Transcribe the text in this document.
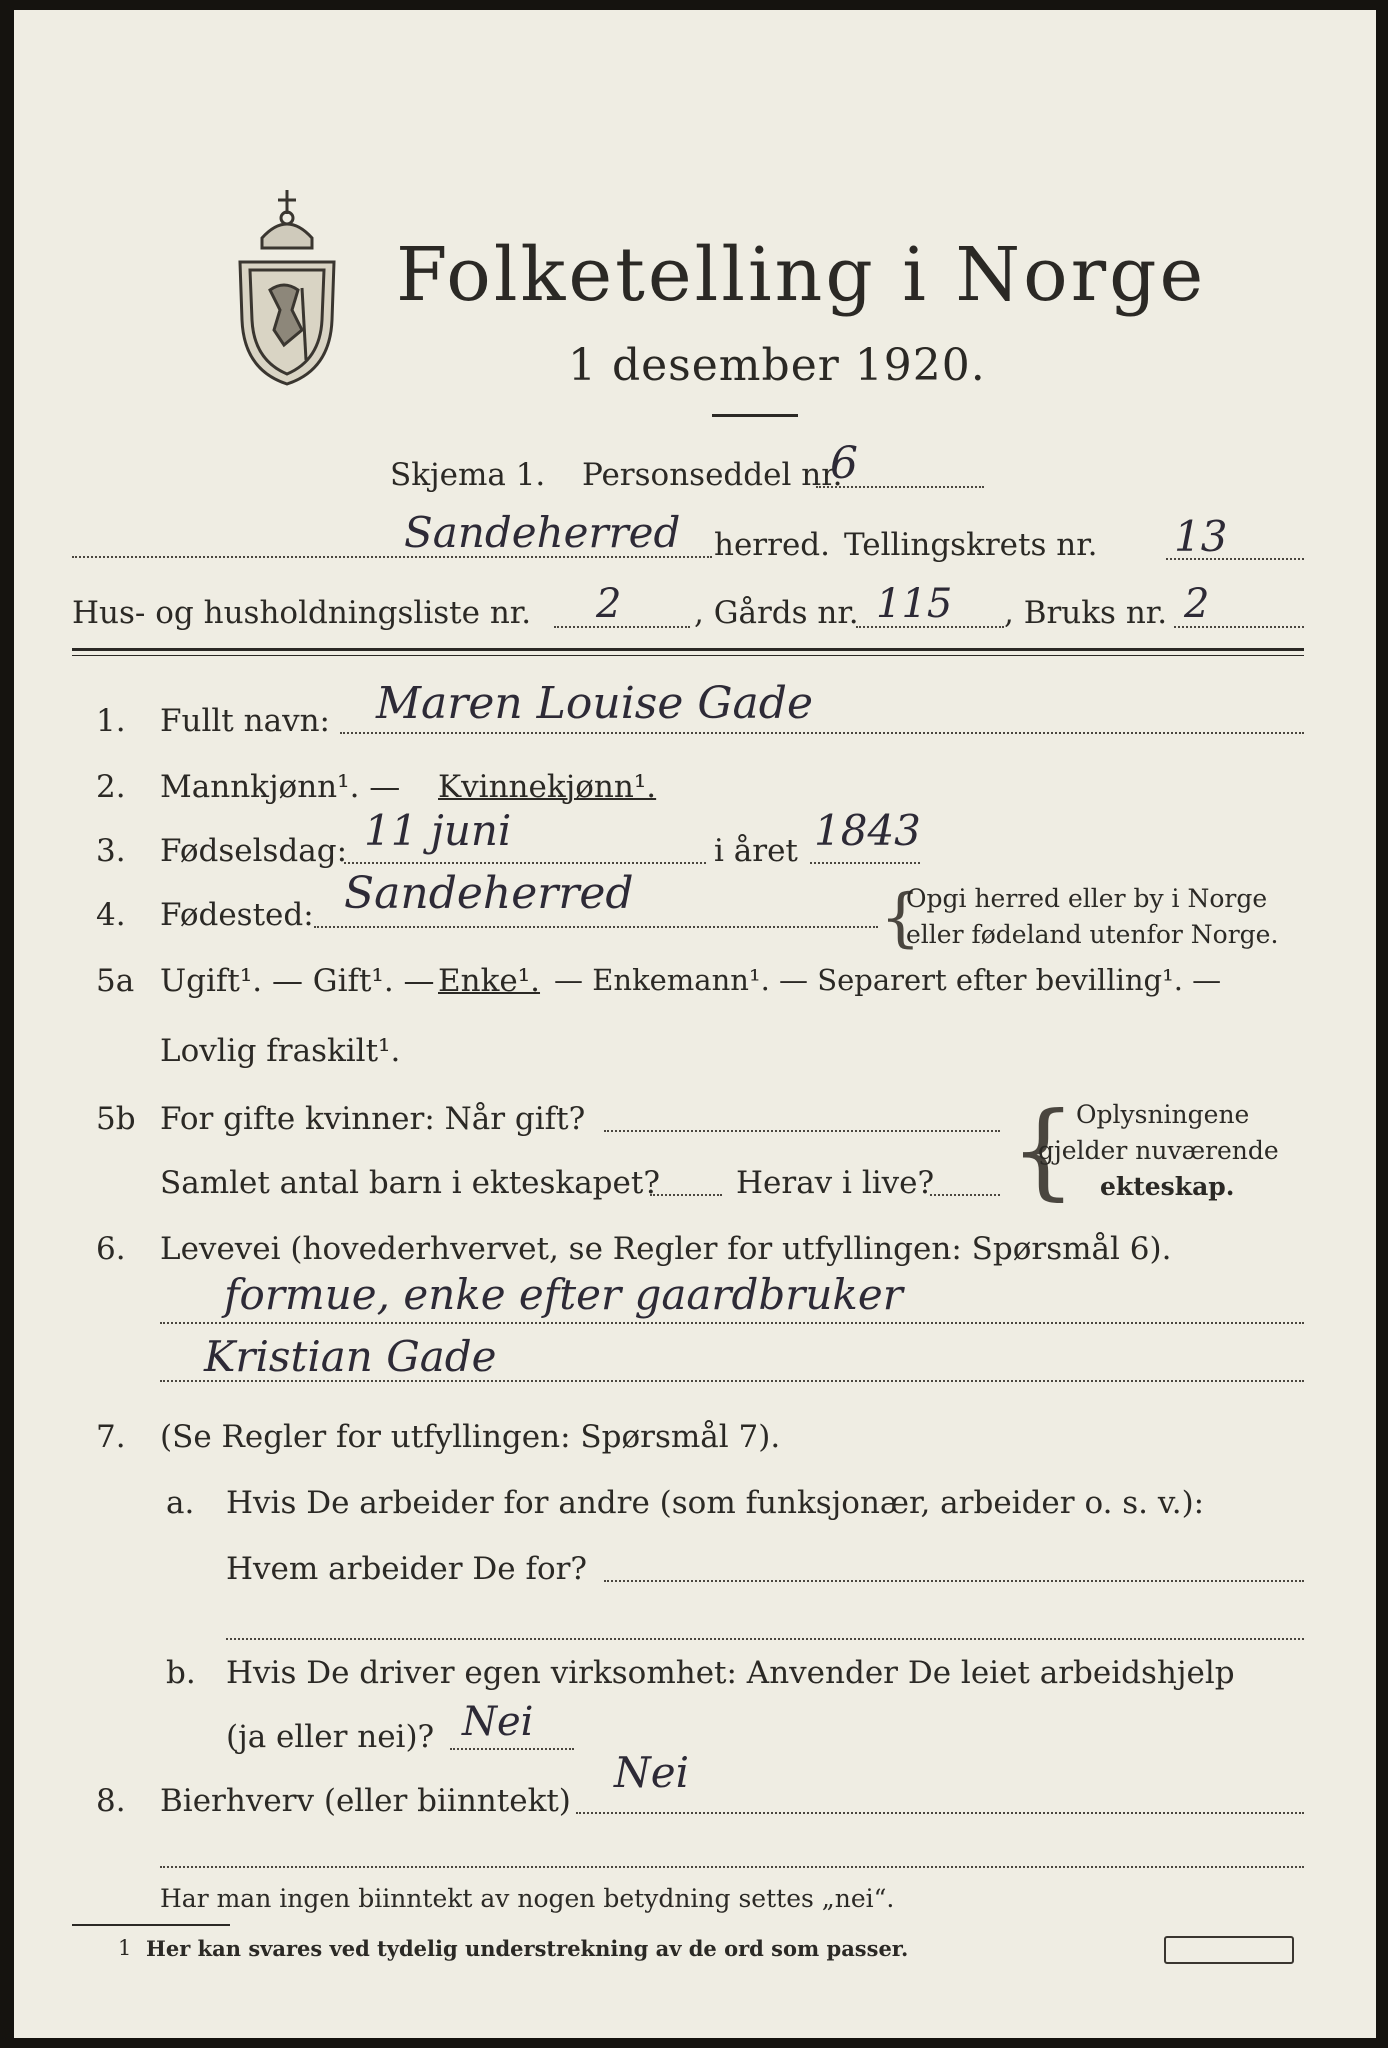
Folketelling i Norge
1 desember 1920.
Skjema 1. Personseddel nr.
6
Sandeherred herred. Tellingskrets nr. 13
Hus- og husholdningsliste nr. 2 , Gårds nr. 115 , Bruks nr. 2
1. Fullt navn: Maren Louise Gade
2. Mannkjønn¹. — Kvinnekjønn¹.
3. Fødselsdag: 11 juni	i året 1843
4. Fødested: Sandeherred	{
Opgi herred eller by i Norge
eller fødeland utenfor Norge.
5a Ugift¹. — Gift¹. — Enke¹. — Enkemann¹. — Separert efter bevilling¹. —
Lovlig fraskilt¹.
5b For gifte kvinner: Når gift?
Samlet antal barn i ekteskapet? Herav i live? { Oplysningene
gjelder nuværende
ekteskap.
6. Levevei (hovederhvervet, se Regler for utfyllingen: Spørsmål 6).
formue, enke efter gaardbruker
Kristian Gade
7. (Se Regler for utfyllingen: Spørsmål 7).
a. Hvis De arbeider for andre (som funksjonær, arbeider o. s. v.):
Hvem arbeider De for?
b. Hvis De driver egen virksomhet: Anvender De leiet arbeidshjelp
(ja eller nei)? Nei
8. Bierhverv (eller biinntekt)
Nei
Har man ingen biinntekt av nogen betydning settes „nei“.
1 Her kan svares ved tydelig understrekning av de ord som passer.
